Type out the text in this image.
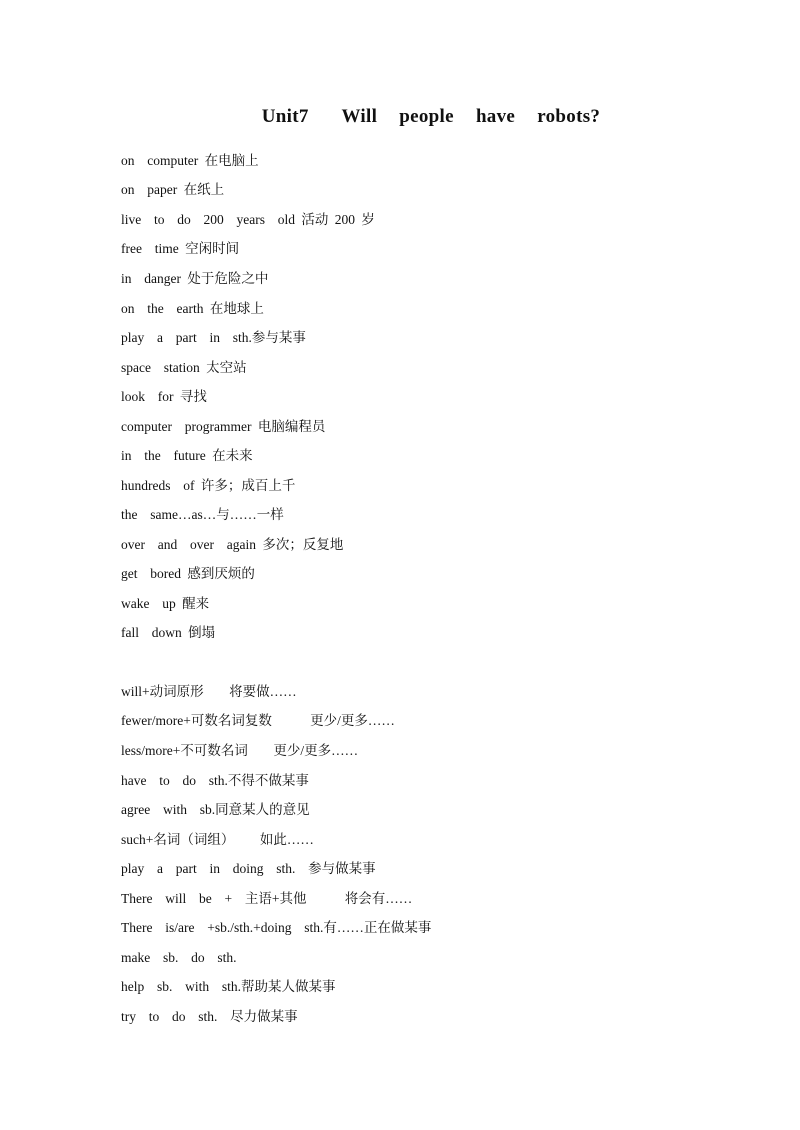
Unit7   Will  people  have  robots?
on  computer 在电脑上
on  paper 在纸上
live  to  do  200  years  old 活动 200 岁
free  time 空闲时间
in  danger 处于危险之中
on  the  earth 在地球上
play  a  part  in  sth.参与某事
space  station 太空站
look  for 寻找
computer  programmer 电脑编程员
in  the  future 在未来
hundreds  of 许多；成百上千
the  same…as…与……一样
over  and  over  again 多次；反复地
get  bored 感到厌烦的
wake  up 醒来
fall  down 倒塌
will+动词原形    将要做……
fewer/more+可数名词复数      更少/更多……
less/more+不可数名词    更少/更多……
have  to  do  sth.不得不做某事
agree  with  sb.同意某人的意见
such+名词（词组）    如此……
play  a  part  in  doing  sth.  参与做某事
There  will  be  +  主语+其他      将会有……
There  is/are  +sb./sth.+doing  sth.有……正在做某事
make  sb.  do  sth.
help  sb.  with  sth.帮助某人做某事
try  to  do  sth.  尽力做某事
